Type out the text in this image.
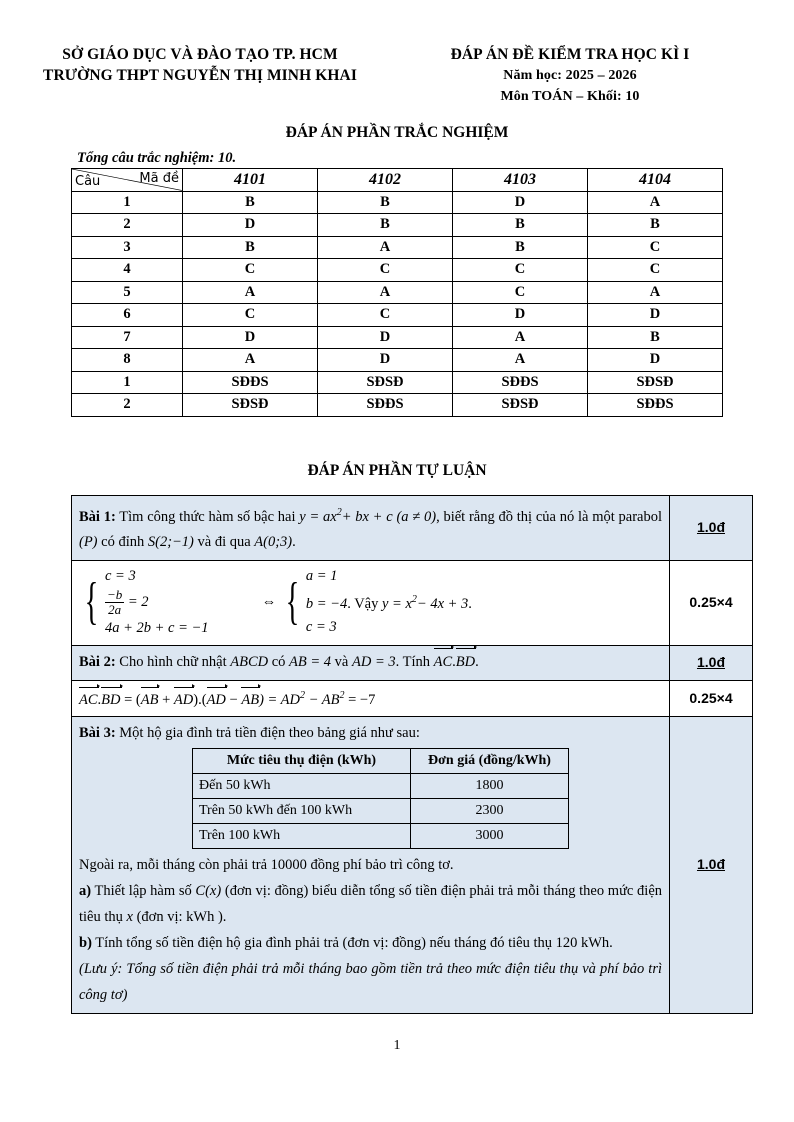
SỞ GIÁO DỤC VÀ ĐÀO TẠO TP. HCM
TRƯỜNG THPT NGUYỄN THỊ MINH KHAI
ĐÁP ÁN ĐỀ KIỂM TRA HỌC KÌ I
Năm học: 2025 – 2026
Môn TOÁN – Khối: 10
ĐÁP ÁN PHẦN TRẮC NGHIỆM
Tổng câu trắc nghiệm: 10.
Mã đề
Câu	4101	4102	4103	4104
1	B	B	D	A
2	D	B	B	B
3	B	A	B	C
4	C	C	C	C
5	A	A	C	A
6	C	C	D	D
7	D	D	A	B
8	A	D	A	D
1	SĐĐS	SĐSĐ	SĐĐS	SĐSĐ
2	SĐSĐ	SĐĐS	SĐSĐ	SĐĐS
ĐÁP ÁN PHẦN TỰ LUẬN
Bài 1: Tìm công thức hàm số bậc hai $y = ax^2+$ bx + c (a ≠ 0), biết rằng đồ thị của nó là một parabol (P) có đỉnh S(2;−1) và đi qua A(0;3).	1.0đ

{ c = 3
$\frac{-b}{2a} = 2$
4a + 2b + c = −1
⇔ { a = 1
b = −4. Vậy $y = x^2- 4x + 3$.
c = 3
	0.25×4
Bài 2: Cho hình chữ nhật ABCD có AB = 4 và AD = 3. Tính AC.BD.	1.0đ
$AC.BD = (AB + AD).(AD - AB) = AD^2 - AB^2 = -7$	0.25×4

Bài 3: Một hộ gia đình trả tiền điện theo bảng giá như sau:
Mức tiêu thụ điện (kWh)	Đơn giá (đồng/kWh)
Đến 50 kWh	1800
Trên 50 kWh đến 100 kWh	2300
Trên 100 kWh	3000
Ngoài ra, mỗi tháng còn phải trả 10000 đồng phí bảo trì công tơ.
a) Thiết lập hàm số C(x) (đơn vị: đồng) biểu diễn tổng số tiền điện phải trả mỗi tháng theo mức điện tiêu thụ x (đơn vị: kWh ).
b) Tính tổng số tiền điện hộ gia đình phải trả (đơn vị: đồng) nếu tháng đó tiêu thụ 120 kWh.
(Lưu ý: Tổng số tiền điện phải trả mỗi tháng bao gồm tiền trả theo mức điện tiêu thụ và phí bảo trì công tơ)
	1.0đ
1
